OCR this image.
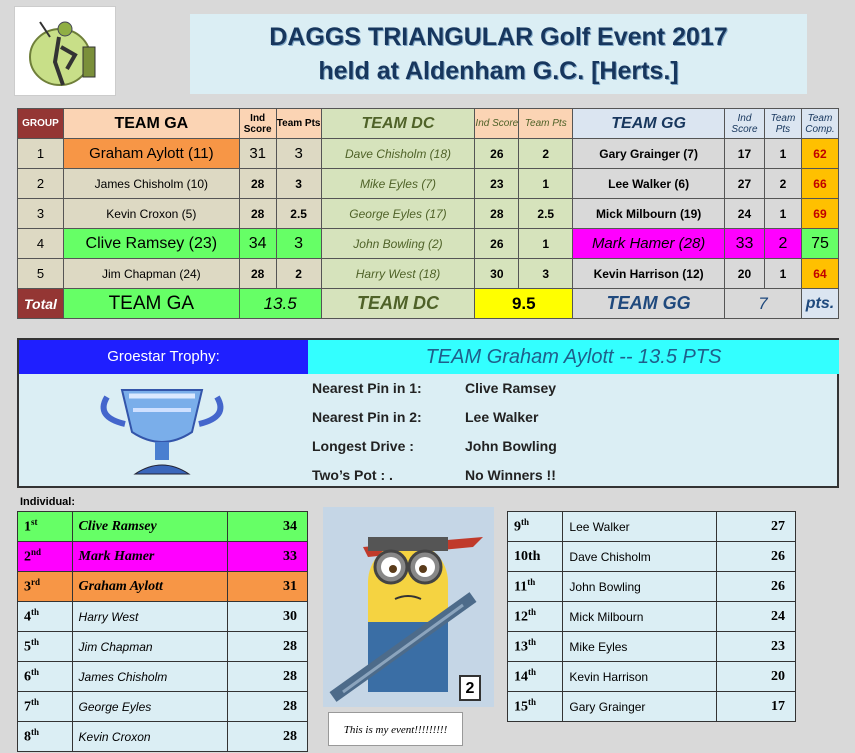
DAGGS TRIANGULAR Golf Event 2017
held at Aldenham G.C. [Herts.]
GROUP	TEAM GA	Ind Score	Team Pts	TEAM DC	Ind Score	Team Pts	TEAM GG	Ind Score	Team Pts	Team Comp.
1	Graham Aylott (11)	31	3	Dave Chisholm (18)	26	2	Gary Grainger (7)	17	1	62
2	James Chisholm (10)	28	3	Mike Eyles (7)	23	1	Lee Walker (6)	27	2	66
3	Kevin Croxon (5)	28	2.5	George Eyles (17)	28	2.5	Mick Milbourn (19)	24	1	69
4	Clive Ramsey (23)	34	3	John Bowling (2)	26	1	Mark Hamer (28)	33	2	75
5	Jim Chapman (24)	28	2	Harry West (18)	30	3	Kevin Harrison (12)	20	1	64
Total	TEAM GA	13.5		TEAM DC	9.5		TEAM GG	7		pts.
Groestar Trophy:	TEAM Graham Aylott -- 13.5 PTS
Nearest Pin in 1:	Clive Ramsey
Nearest Pin in 2:	Lee Walker
Longest Drive :	John Bowling
Two’s Pot : .	No Winners !!
Individual:
1st	Clive Ramsey	34
2nd	Mark Hamer	33
3rd	Graham Aylott	31
4th	Harry West	30
5th	Jim Chapman	28
6th	James Chisholm	28
7th	George Eyles	28
8th	Kevin Croxon	28
2
This is my event!!!!!!!!!
9th	Lee Walker	27
10th	Dave Chisholm	26
11th	John Bowling	26
12th	Mick Milbourn	24
13th	Mike Eyles	23
14th	Kevin Harrison	20
15th	Gary Grainger	17
